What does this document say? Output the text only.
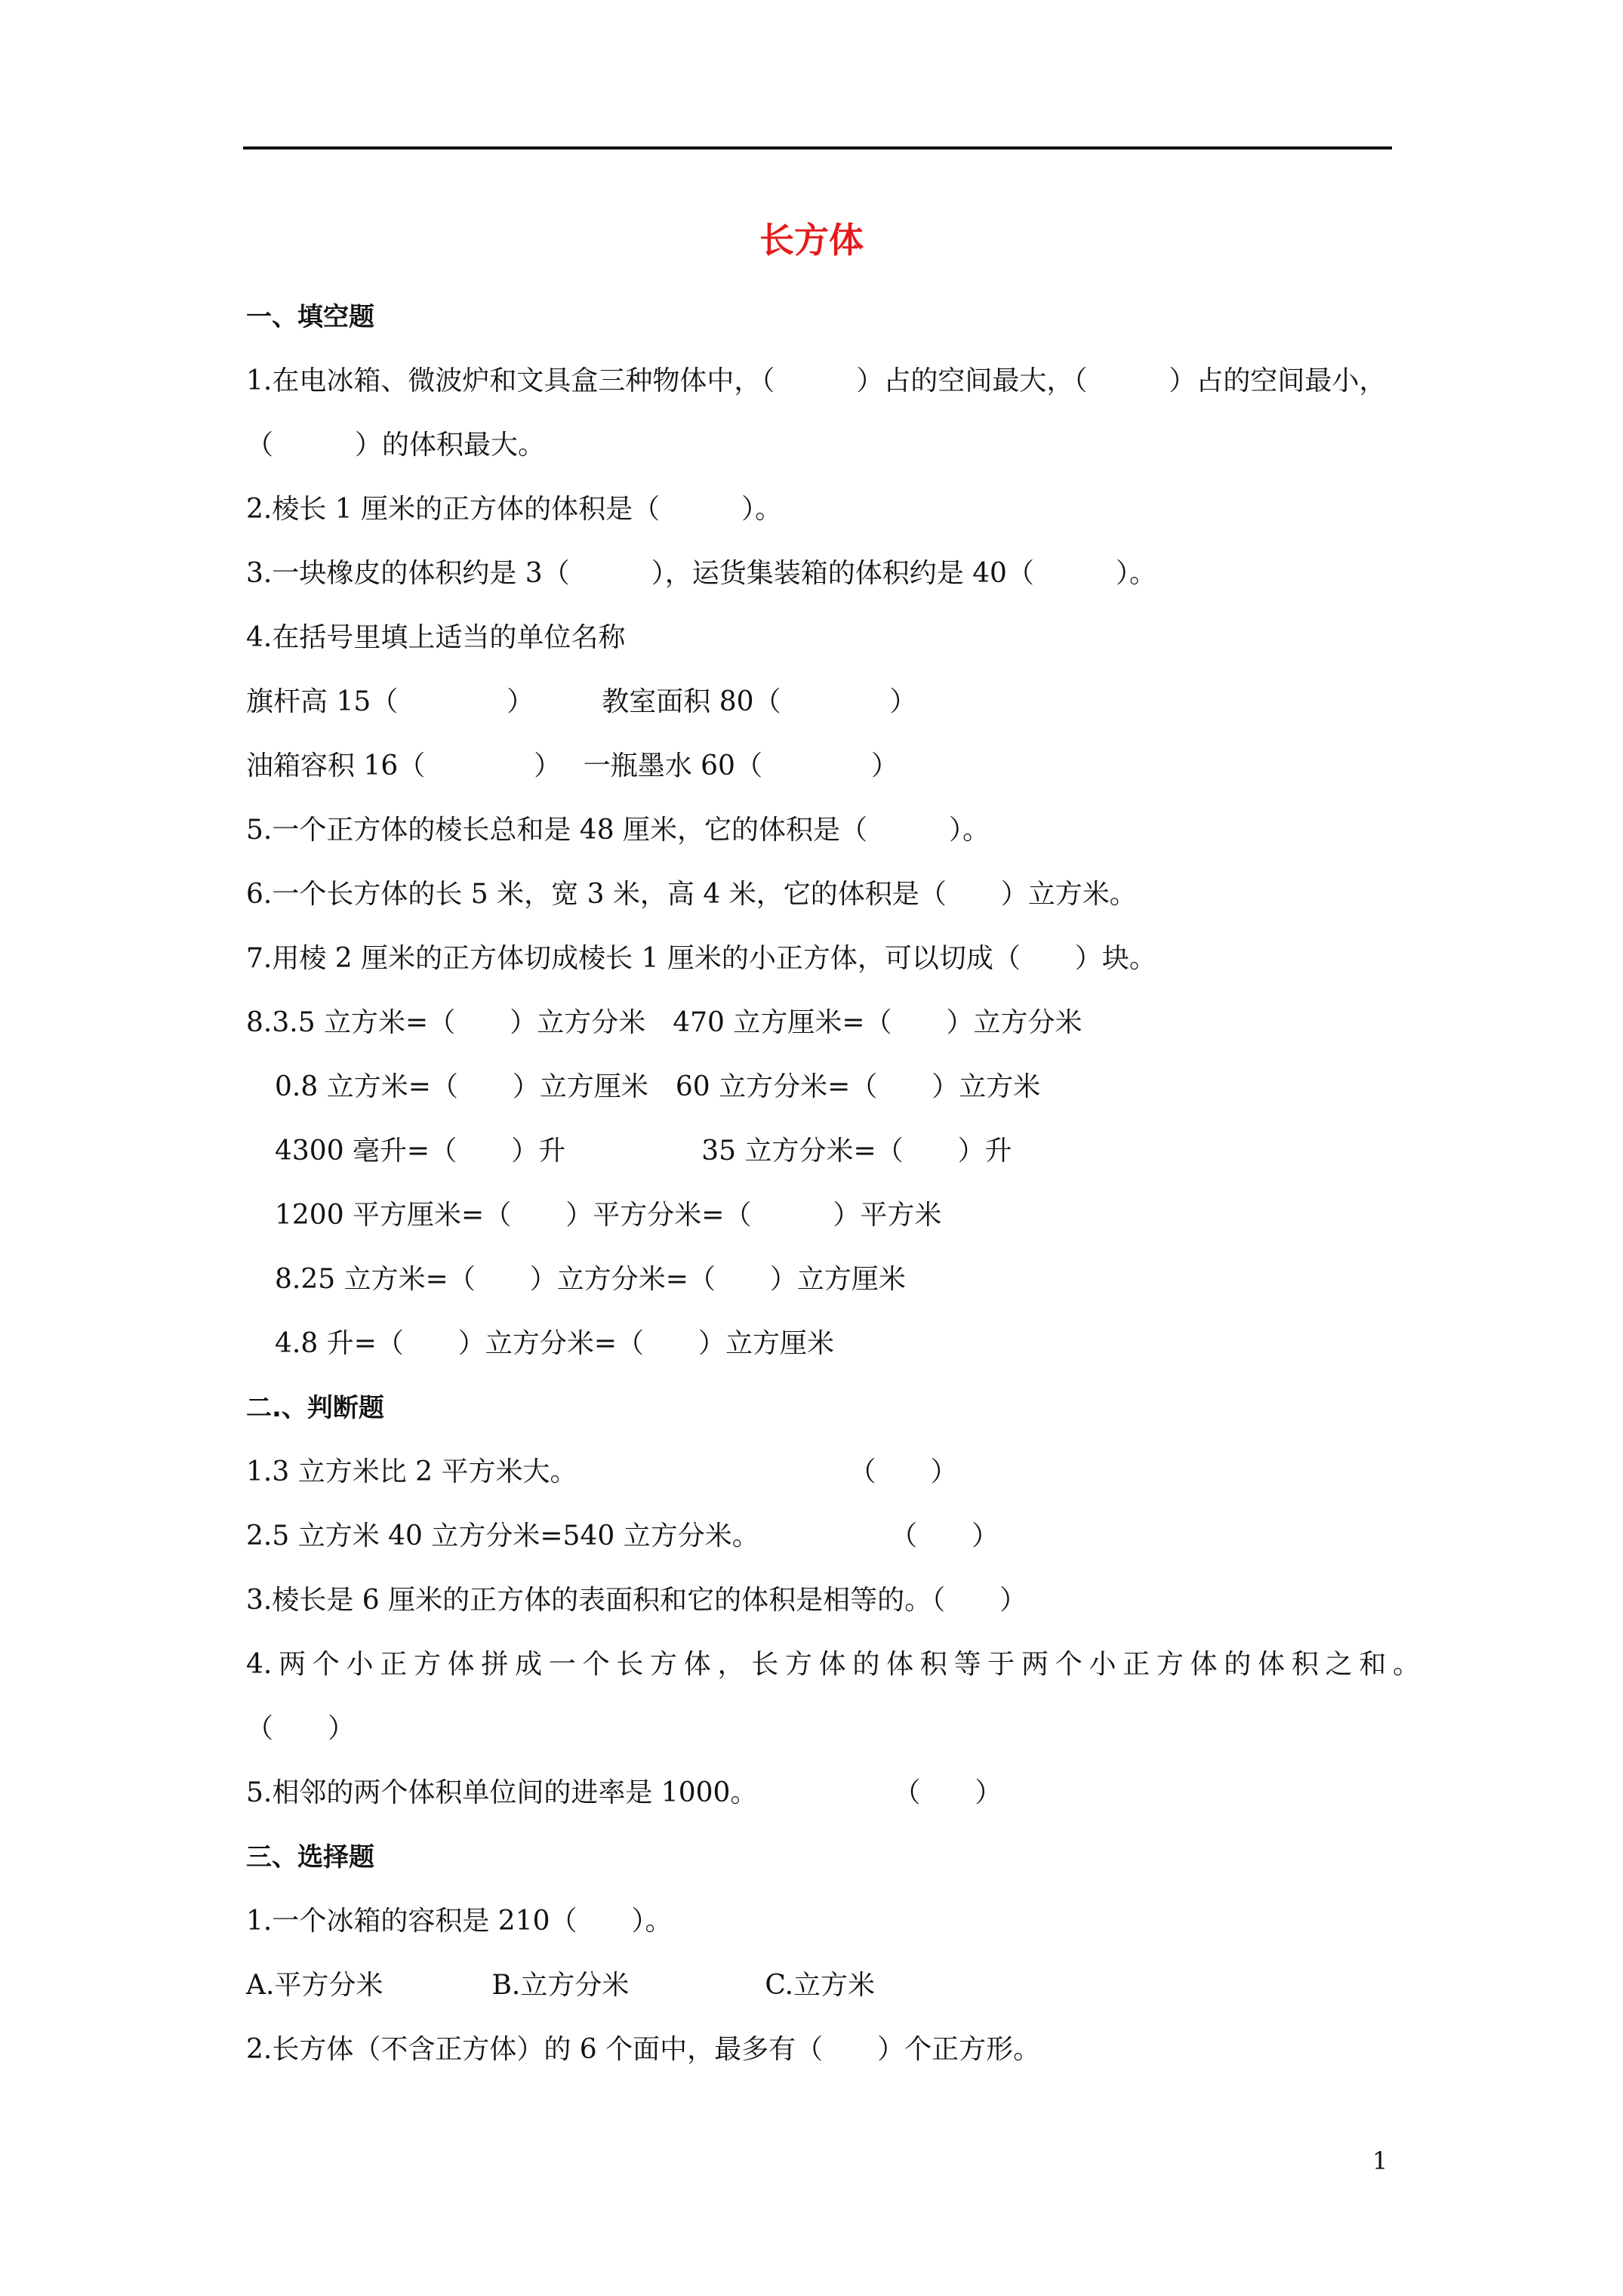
长方体
一、填空题
1.在电冰箱、微波炉和文具盒三种物体中，（　　　）占的空间最大，（　　　）占的空间最小，
（　　　）的体积最大。
2.棱长 1 厘米的正方体的体积是（　　　）。
3.一块橡皮的体积约是 3（　　　），运货集装箱的体积约是 40（　　　）。
4.在括号里填上适当的单位名称
旗杆高 15（　　　　）　　　教室面积 80（　　　　）
油箱容积 16（　　　　）　 一瓶墨水 60（　　　　）
5.一个正方体的棱长总和是 48 厘米，它的体积是（　　　）。
6.一个长方体的长 5 米，宽 3 米，高 4 米，它的体积是（　　）立方米。
7.用棱 2 厘米的正方体切成棱长 1 厘米的小正方体，可以切成（　　）块。
8.3.5 立方米=（　　）立方分米　470 立方厘米=（　　）立方分米
0.8 立方米=（　　）立方厘米　60 立方分米=（　　）立方米
4300 毫升=（　　）升　　　　　35 立方分米=（　　）升
1200 平方厘米=（　　）平方分米=（　　　）平方米
8.25 立方米=（　　）立方分米=（　　）立方厘米
4.8 升=（　　）立方分米=（　　）立方厘米
二.、判断题
1.3 立方米比 2 平方米大。　　　　　　　　　　　（　　）
2.5 立方米 40 立方分米=540 立方分米。　　　　　 （　　）
3.棱长是 6 厘米的正方体的表面积和它的体积是相等的。（　　）
4.两个小正方体拼成一个长方体，长方体的体积等于两个小正方体的体积之和。
（　　）
5.相邻的两个体积单位间的进率是 1000。　　　　　　（　　）
三、选择题
1.一个冰箱的容积是 210（　　）。
A.平方分米　　　　B.立方分米　　　　　C.立方米
2.长方体（不含正方体）的 6 个面中，最多有（　　）个正方形。
1
